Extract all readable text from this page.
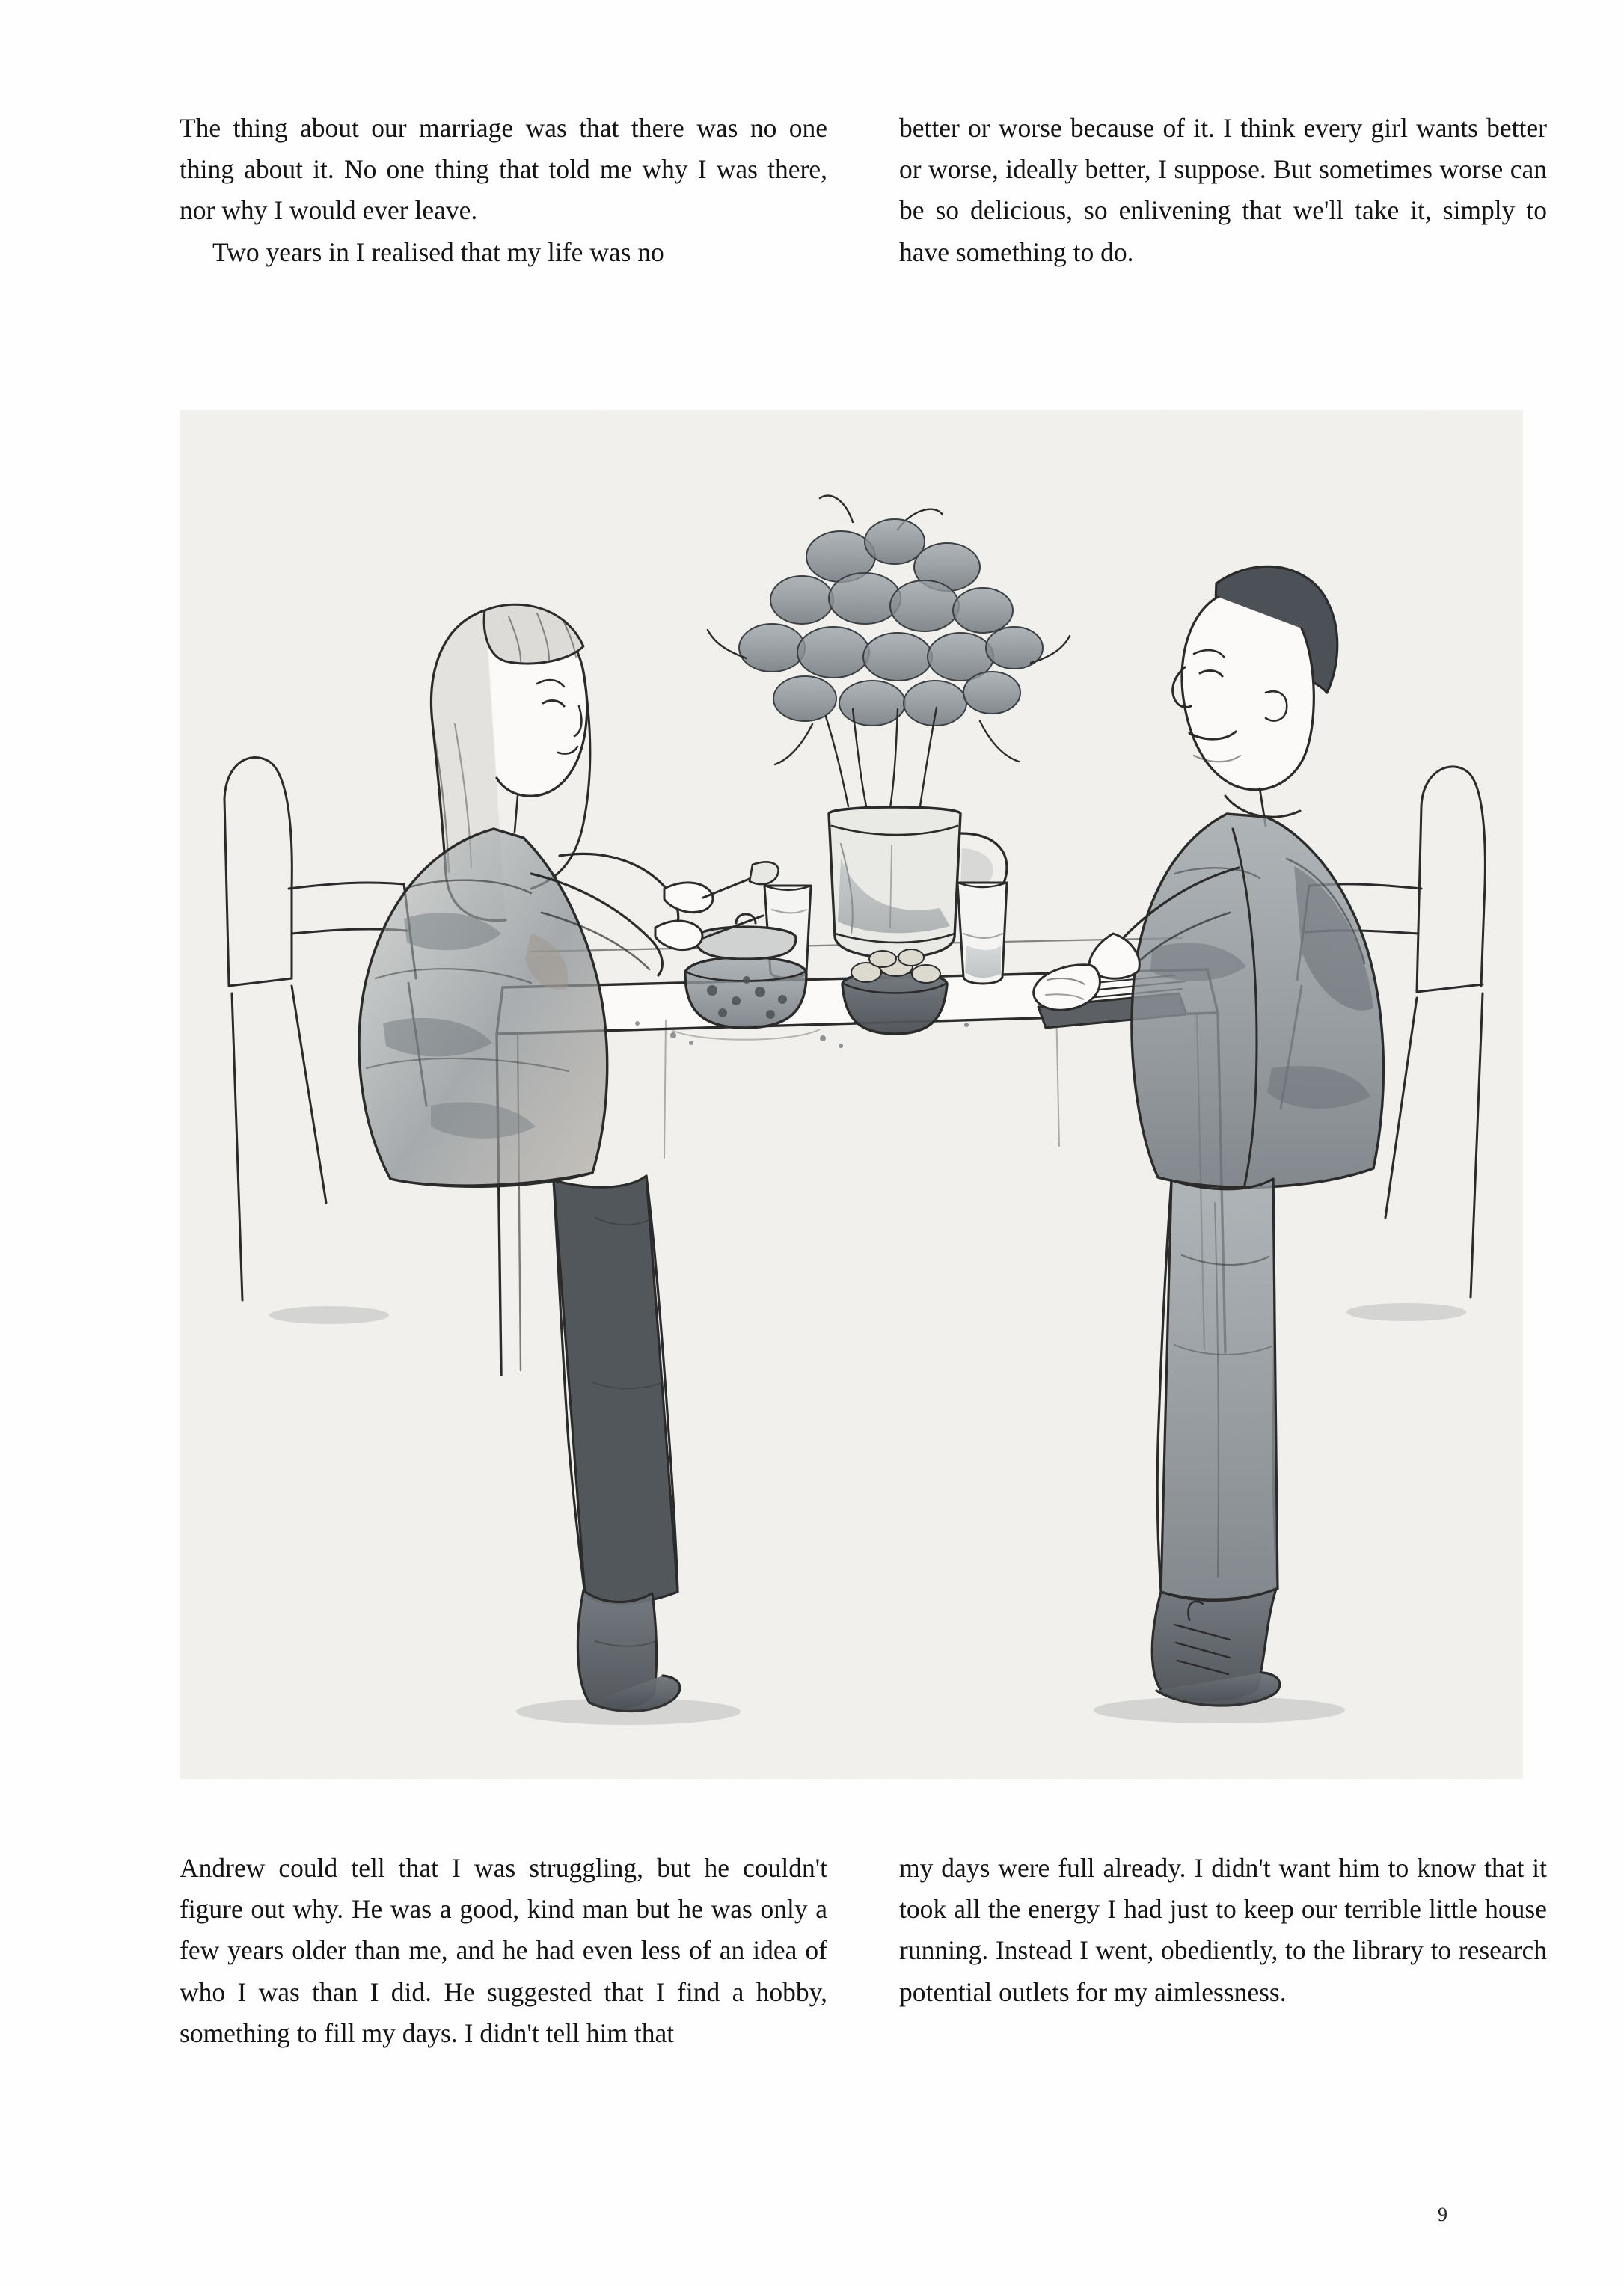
The thing about our marriage was that there was no one thing about it. No one thing that told me why I was there, nor why I would ever leave.

Two years in I realised that my life was no

better or worse because of it. I think every girl wants better or worse, ideally better, I suppose. But sometimes worse can be so delicious, so enlivening that we'll take it, simply to have something to do.

Andrew could tell that I was struggling, but he couldn't figure out why. He was a good, kind man but he was only a few years older than me, and he had even less of an idea of who I was than I did. He suggested that I find a hobby, something to fill my days. I didn't tell him that

my days were full already. I didn't want him to know that it took all the energy I had just to keep our terrible little house running. Instead I went, obediently, to the library to research potential outlets for my aimlessness.

9
